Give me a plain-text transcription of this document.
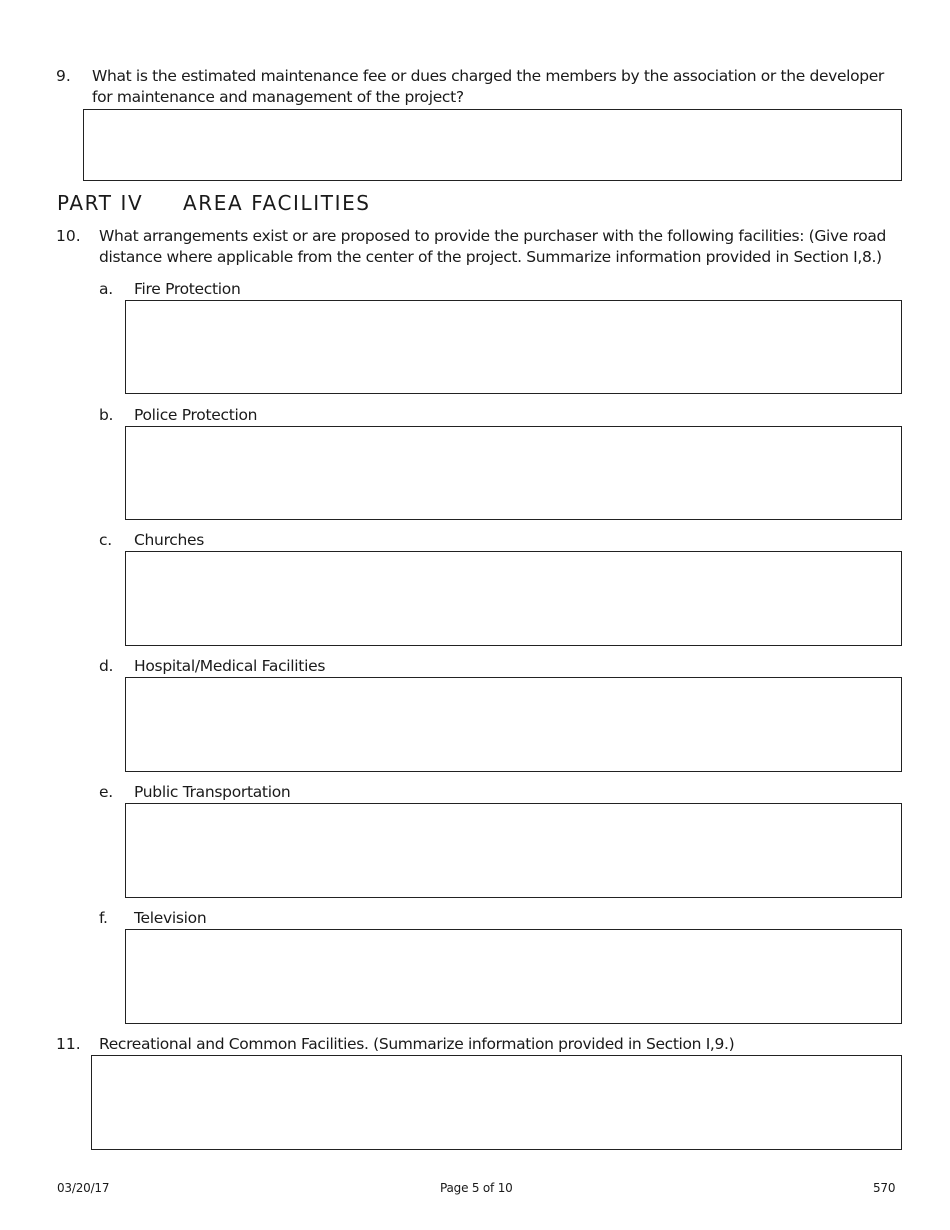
9. What is the estimated maintenance fee or dues charged the members by the association or the developer for maintenance and management of the project?
PART IV AREA FACILITIES
10. What arrangements exist or are proposed to provide the purchaser with the following facilities: (Give road distance where applicable from the center of the project. Summarize information provided in Section I,8.)
a. Fire Protection
b. Police Protection
c. Churches
d. Hospital/Medical Facilities
e. Public Transportation
f. Television
11. Recreational and Common Facilities. (Summarize information provided in Section I,9.)
03/20/17	Page 5 of 10	570
